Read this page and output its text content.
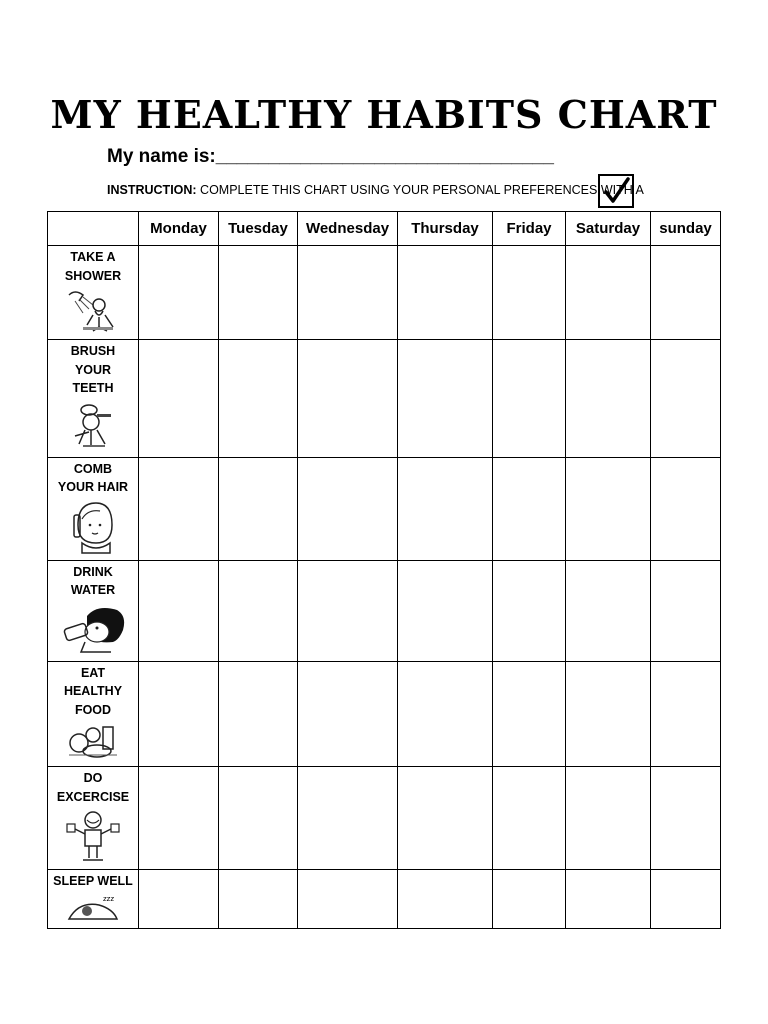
MY HEALTHY HABITS CHART
My name is:________________________________
INSTRUCTION: COMPLETE THIS CHART USING YOUR PERSONAL PREFERENCES WITH A
	Monday	Tuesday	Wednesday	Thursday	Friday	Saturday	sunday

TAKE A
SHOWER							

BRUSH
YOUR
TEETH							

COMB
YOUR HAIR							

DRINK
WATER							

EAT
HEALTHY
FOOD							

DO
EXCERCISE							

SLEEP WELL
zzz							
